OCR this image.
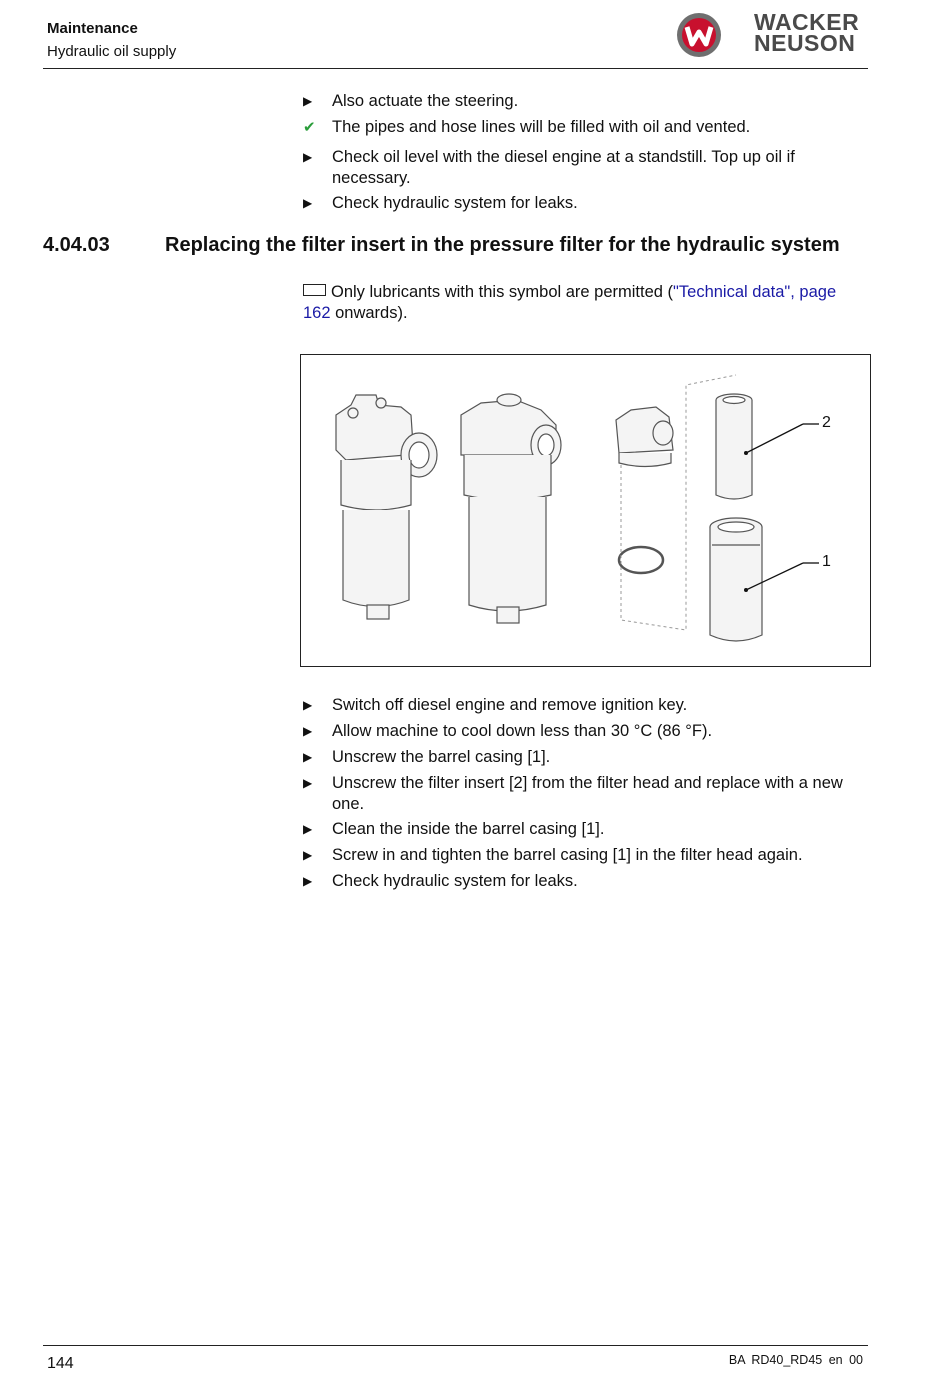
Maintenance
Hydraulic oil supply
WACKER
NEUSON
▶	Also actuate the steering.
✔ The pipes and hose lines will be filled with oil and vented.
▶	Check oil level with the diesel engine at a standstill. Top up oil if necessary.
▶	Check hydraulic system for leaks.
4.04.03	Replacing the filter insert in the pressure filter for the hydraulic system
Only lubricants with this symbol are permitted ("Technical data", page 162 onwards).
2
1
▶	Switch off diesel engine and remove ignition key.
▶	Allow machine to cool down less than 30 °C (86 °F).
▶	Unscrew the barrel casing [1].
▶	Unscrew the filter insert [2] from the filter head and replace with a new one.
▶	Clean the inside the barrel casing [1].
▶	Screw in and tighten the barrel casing [1] in the filter head again.
▶	Check hydraulic system for leaks.
144	BA RD40_RD45 en 00
